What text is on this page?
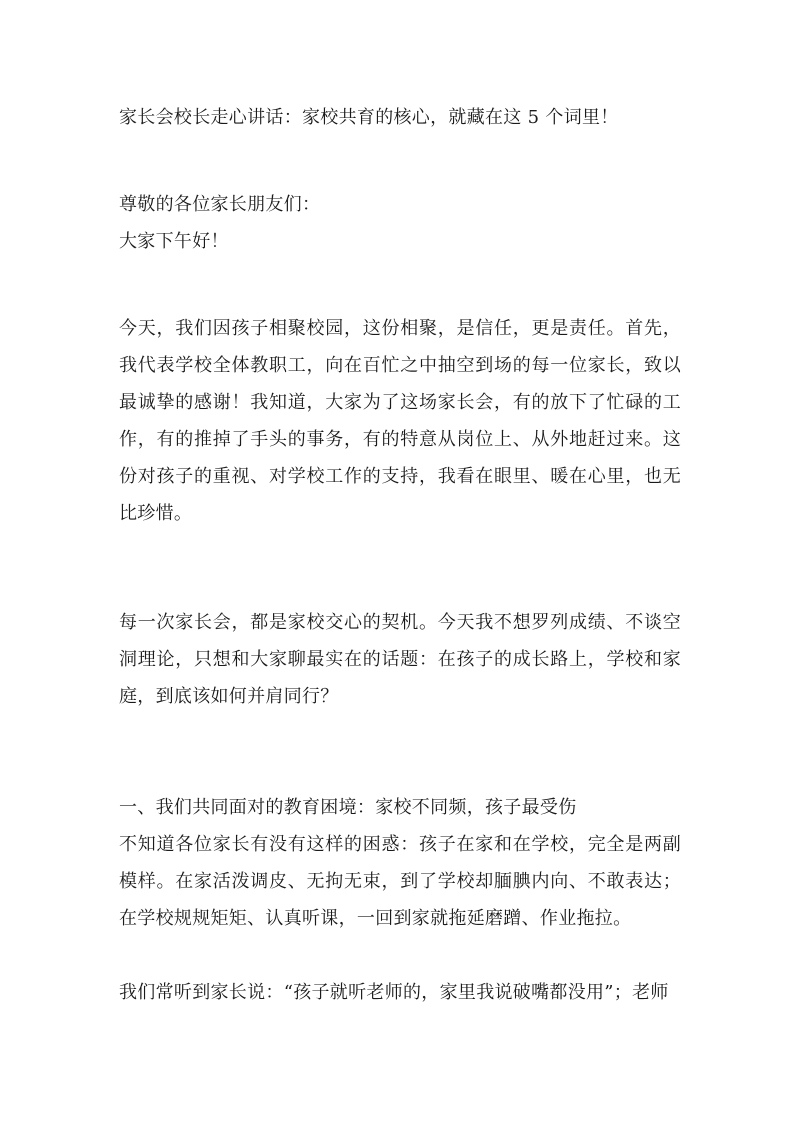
家长会校长走心讲话：家校共育的核心，就藏在这 5 个词里！

尊敬的各位家长朋友们：

大家下午好！

今天，我们因孩子相聚校园，这份相聚，是信任，更是责任。首先，我代表学校全体教职工，向在百忙之中抽空到场的每一位家长，致以最诚挚的感谢！我知道，大家为了这场家长会，有的放下了忙碌的工作，有的推掉了手头的事务，有的特意从岗位上、从外地赶过来。这份对孩子的重视、对学校工作的支持，我看在眼里、暖在心里，也无比珍惜。

每一次家长会，都是家校交心的契机。今天我不想罗列成绩、不谈空洞理论，只想和大家聊最实在的话题：在孩子的成长路上，学校和家庭，到底该如何并肩同行？

一、我们共同面对的教育困境：家校不同频，孩子最受伤

不知道各位家长有没有这样的困惑：孩子在家和在学校，完全是两副模样。在家活泼调皮、无拘无束，到了学校却腼腆内向、不敢表达；在学校规规矩矩、认真听课，一回到家就拖延磨蹭、作业拖拉。

我们常听到家长说：“孩子就听老师的，家里我说破嘴都没用”；老师
